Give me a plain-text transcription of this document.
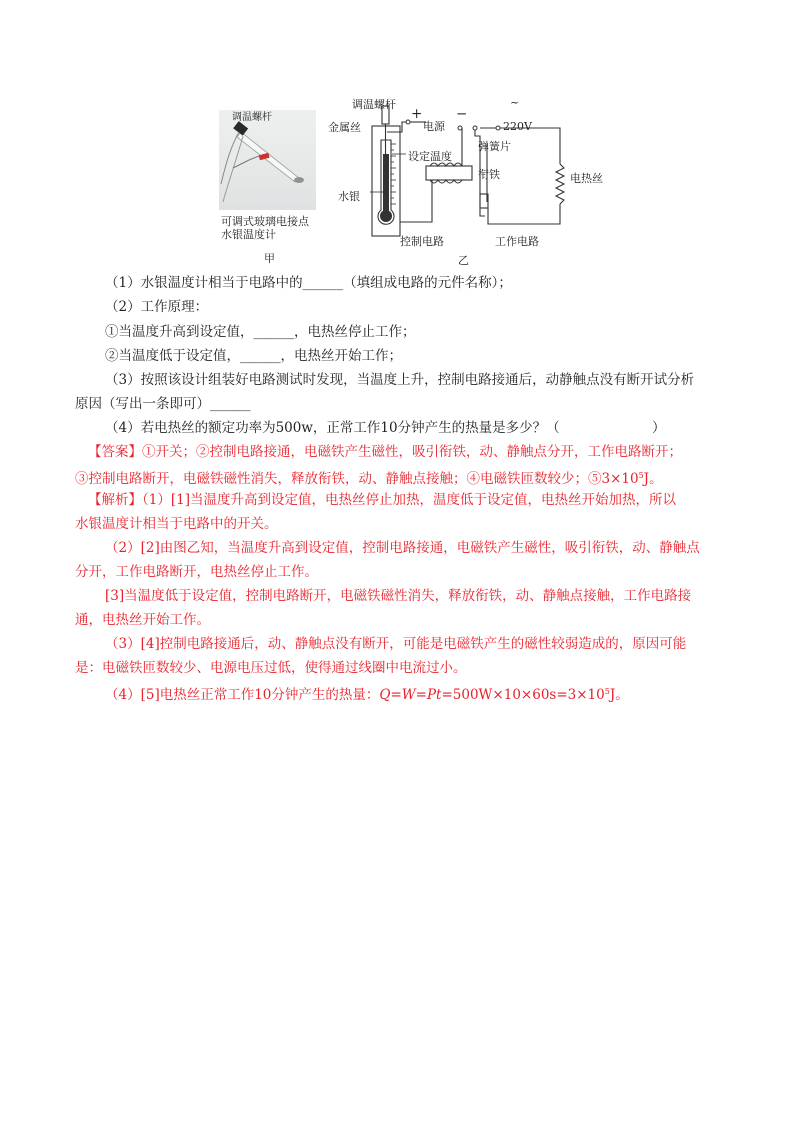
调温螺杆
可调式玻璃电接点
水银温度计
甲
调温螺杆
金属丝
+ −
电源
设定温度
水银
弹簧片
衔铁
~
220V
电热丝
控制电路	工作电路
乙
（1）水银温度计相当于电路中的______（填组成电路的元件名称）；
（2）工作原理：
①当温度升高到设定值，______，电热丝停止工作；
②当温度低于设定值，______，电热丝开始工作；
（3）按照该设计组装好电路测试时发现，当温度上升，控制电路接通后，动静触点没有断开试分析
原因（写出一条即可）______
（4）若电热丝的额定功率为500w，正常工作10分钟产生的热量是多少？（	）
【答案】①开关；②控制电路接通，电磁铁产生磁性，吸引衔铁，动、静触点分开，工作电路断开；
③控制电路断开，电磁铁磁性消失，释放衔铁，动、静触点接触；④电磁铁匝数较少；$⑤3\times 10^5J$。
【解析】（1）[1]当温度升高到设定值，电热丝停止加热，温度低于设定值，电热丝开始加热，所以
水银温度计相当于电路中的开关。
（2）[2]由图乙知，当温度升高到设定值，控制电路接通，电磁铁产生磁性，吸引衔铁，动、静触点
分开，工作电路断开，电热丝停止工作。
[3]当温度低于设定值，控制电路断开，电磁铁磁性消失，释放衔铁，动、静触点接触，工作电路接
通，电热丝开始工作。
（3）[4]控制电路接通后，动、静触点没有断开，可能是电磁铁产生的磁性较弱造成的，原因可能
是：电磁铁匝数较少、电源电压过低，使得通过线圈中电流过小。
（4）[5]电热丝正常工作10分钟产生的热量：$Q=W=Pt=500W\times 10\times 60s=3\times 10^5J$。
